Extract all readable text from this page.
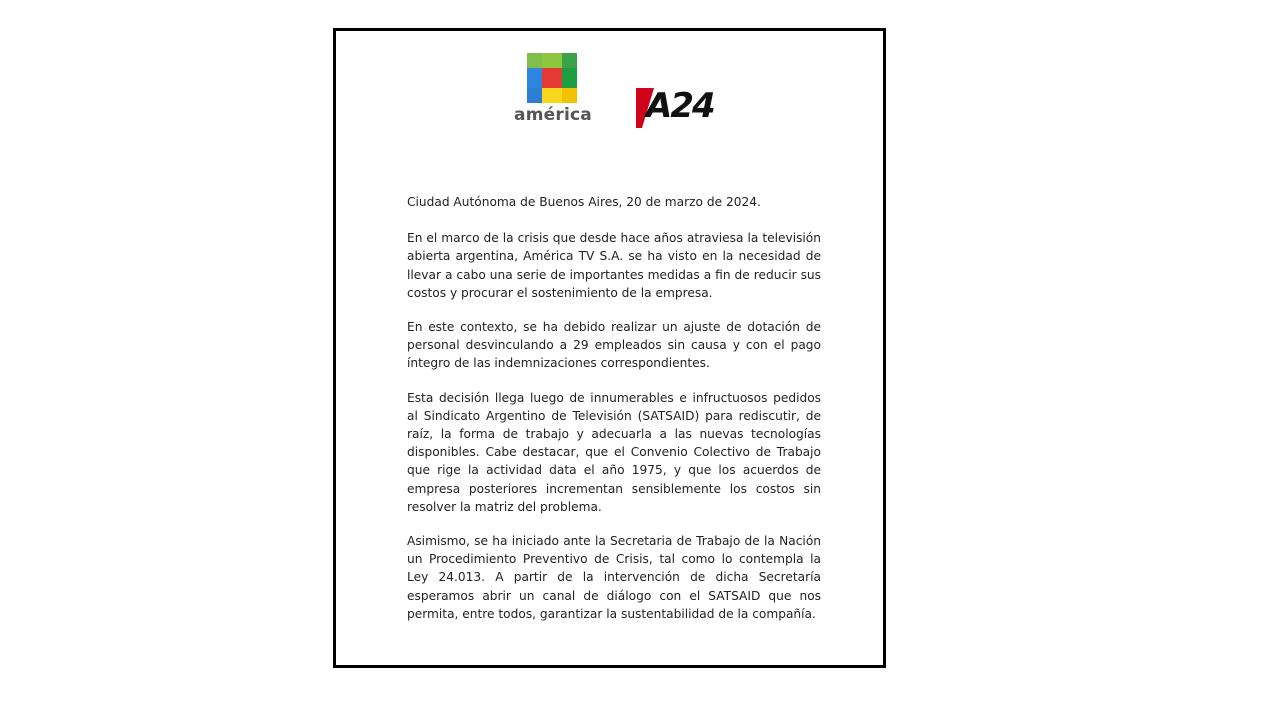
américa A24

Ciudad Autónoma de Buenos Aires, 20 de marzo de 2024.

En el marco de la crisis que desde hace años atraviesa la televisión abierta argentina, América TV S.A. se ha visto en la necesidad de llevar a cabo una serie de importantes medidas a fin de reducir sus costos y procurar el sostenimiento de la empresa.

En este contexto, se ha debido realizar un ajuste de dotación de personal desvinculando a 29 empleados sin causa y con el pago íntegro de las indemnizaciones correspondientes.

Esta decisión llega luego de innumerables e infructuosos pedidos al Sindicato Argentino de Televisión (SATSAID) para rediscutir, de raíz, la forma de trabajo y adecuarla a las nuevas tecnologías disponibles. Cabe destacar, que el Convenio Colectivo de Trabajo que rige la actividad data el año 1975, y que los acuerdos de empresa posteriores incrementan sensiblemente los costos sin resolver la matriz del problema.

Asimismo, se ha iniciado ante la Secretaria de Trabajo de la Nación un Procedimiento Preventivo de Crisis, tal como lo contempla la Ley 24.013. A partir de la intervención de dicha Secretaría esperamos abrir un canal de diálogo con el SATSAID que nos permita, entre todos, garantizar la sustentabilidad de la compañía.
